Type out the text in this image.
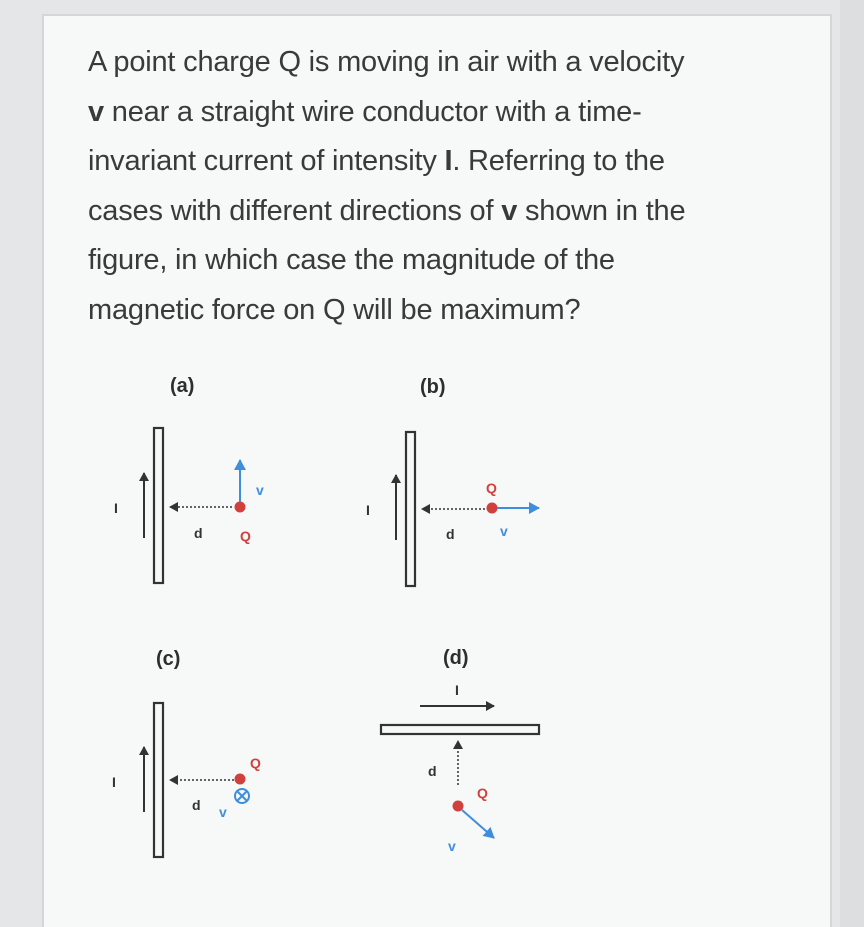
A point charge Q is moving in air with a velocity

v near a straight wire conductor with a time-

invariant current of intensity I. Referring to the

cases with different directions of v shown in the

figure, in which case the magnitude of the

magnetic force on Q will be maximum?

(a)
I
d	Q
v
(b)
I
d
Q
v
(c)
I
d
Q
v
(d)
I
d
Q
v
